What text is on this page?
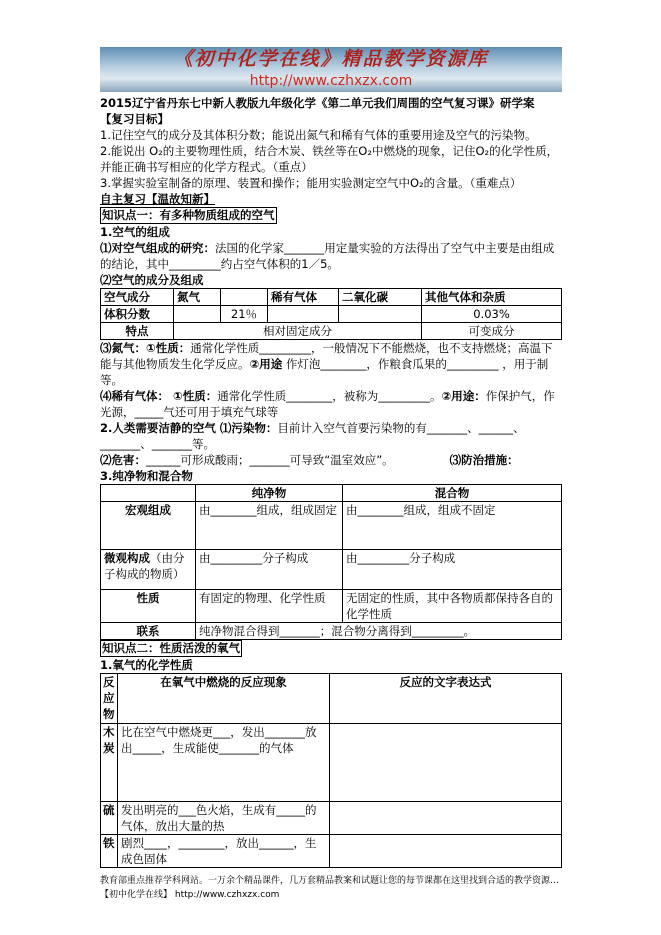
《初中化学在线》精品教学资源库
http://www.czhxzx.com
2015辽宁省丹东七中新人教版九年级化学《第二单元我们周围的空气复习课》研学案
【复习目标】
1.记住空气的成分及其体积分数；能说出氮气和稀有气体的重要用途及空气的污染物。
2.能说出 O₂的主要物理性质，结合木炭、铁丝等在O₂中燃烧的现象，记住O₂的化学性质，并能正确书写相应的化学方程式。（重点）
3.掌握实验室制备的原理、装置和操作；能用实验测定空气中O₂的含量。（重难点）
自主复习【温故知新】
知识点一：有多种物质组成的空气
1.空气的组成
⑴对空气组成的研究：法国的化学家_______用定量实验的方法得出了空气中主要是由组成的结论，其中_________约占空气体积的1／5。
⑵空气的成分及组成
空气成分	氮气		稀有气体	二氧化碳	其他气体和杂质
体积分数		21％			0.03%
特点	相对固定成分				可变成分
⑶氮气：①性质：通常化学性质_________，一般情况下不能燃烧，也不支持燃烧；高温下能与其他物质发生化学反应。②用途 作灯泡________，作粮食瓜果的_________ ，用于制等。
⑷稀有气体： ①性质：通常化学性质________，被称为_________。②用途：作保护气，作光源，_____气还可用于填充气球等
2.人类需要洁静的空气 ⑴污染物：目前计入空气首要污染物的有_______、______、_______、_______等。
⑵危害：______可形成酸雨；_______可导致“温室效应”。	⑶防治措施：
3.纯净物和混合物
	纯净物	混合物
宏观组成	由________组成，组成固定	由________组成，组成不固定
微观构成（由分子构成的物质）	由_________分子构成	由_________分子构成
性质	有固定的物理、化学性质	无固定的性质，其中各物质都保持各自的化学性质
联系	纯净物混合得到_______；混合物分离得到_________。	
知识点二：性质活泼的氧气
1.氧气的化学性质
反应物	在氧气中燃烧的反应现象	反应的文字表达式
木炭	比在空气中燃烧更___，发出_______放出_____，生成能使_______的气体	
硫	发出明亮的___色火焰，生成有_____的气体，放出大量的热	
铁	剧烈____，________，放出______，生成色固体	
教育部重点推荐学科网站。一万余个精品课件，几万套精品教案和试题让您的每节课都在这里找到合适的教学资源…【初中化学在线】 http://www.czhxzx.com
